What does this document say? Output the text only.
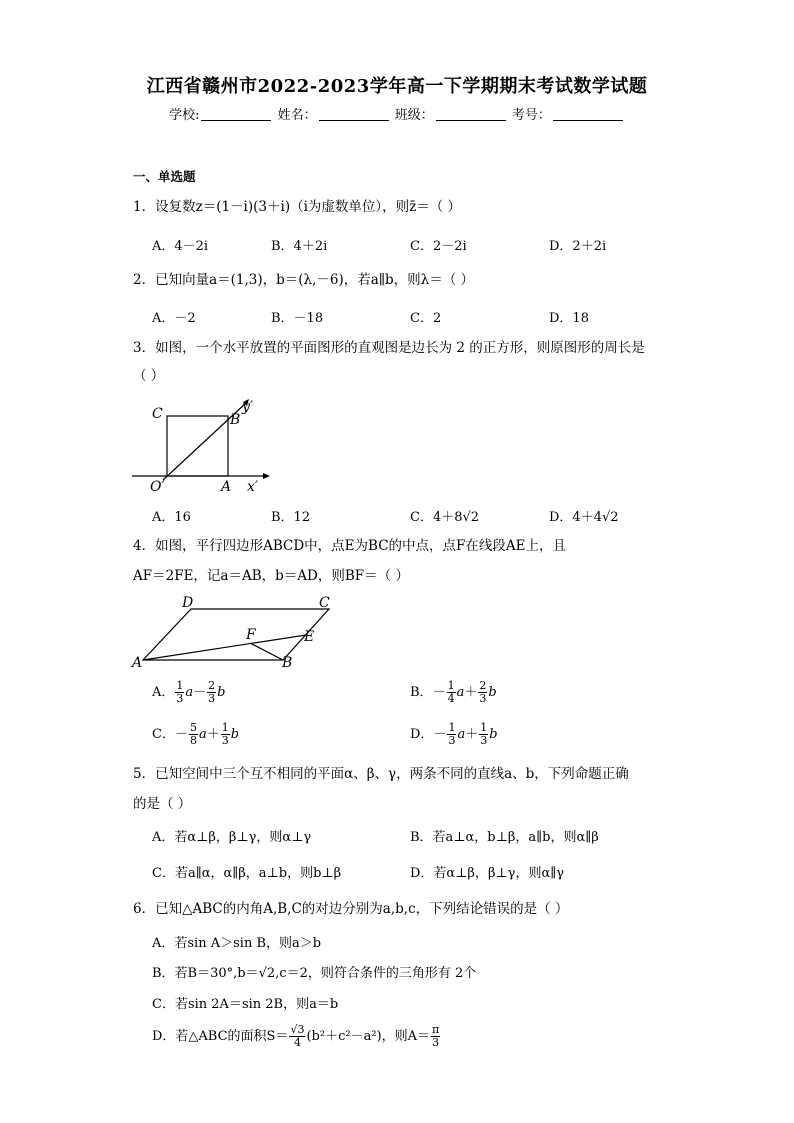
江西省赣州市2022-2023学年高一下学期期末考试数学试题
学校:	姓名：	班级：	考号：
一、单选题
1．设复数z＝(1－i)(3＋i)（i为虚数单位），则z̄＝（ ）
A．4－2i	B．4＋2i	C．2－2i	D．2＋2i
2．已知向量a＝(1,3)，b＝(λ,－6)，若a∥b，则λ＝（ ）
A．－2	B．－18	C．2	D．18
3．如图，一个水平放置的平面图形的直观图是边长为 2 的正方形，则原图形的周长是
（ ）
C	B
y′
O′	A x′
A．16	B．12	C．4＋8√2	D．4＋4√2
4．如图，平行四边形ABCD中，点E为BC的中点，点F在线段AE上，且
AF＝2FE，记a＝AB，b＝AD，则BF＝（ ）
D	C
F	E
A	B
A． $\frac{1}{3} a- \frac{2}{3}$ b	B．－ $\frac{1}{4} a+ \frac{2}{3}$ b
C．－ $\frac{5}{8} a+ \frac{1}{3}$ b	D．－ $\frac{1}{3} a+ \frac{1}{3}$ b
5．已知空间中三个互不相同的平面α、β、γ，两条不同的直线a、b，下列命题正确
的是（ ）
A．若α⊥β，β⊥γ，则α⊥γ	B．若a⊥α，b⊥β，a∥b，则α∥β
C．若a∥α，α∥β，a⊥b，则b⊥β	D．若α⊥β，β⊥γ，则α∥γ
6．已知△ABC的内角A,B,C的对边分别为a,b,c，下列结论错误的是（ ）
A．若sin A＞sin B，则a＞b
B．若B＝30°,b＝√2,c＝2，则符合条件的三角形有 2个
C．若sin 2A＝sin 2B，则a＝b
D．若△ABC的面积$S= \frac{√3}{4} (b^2+c^2-a^2)$，则$A= \frac{\pi}{3}$
